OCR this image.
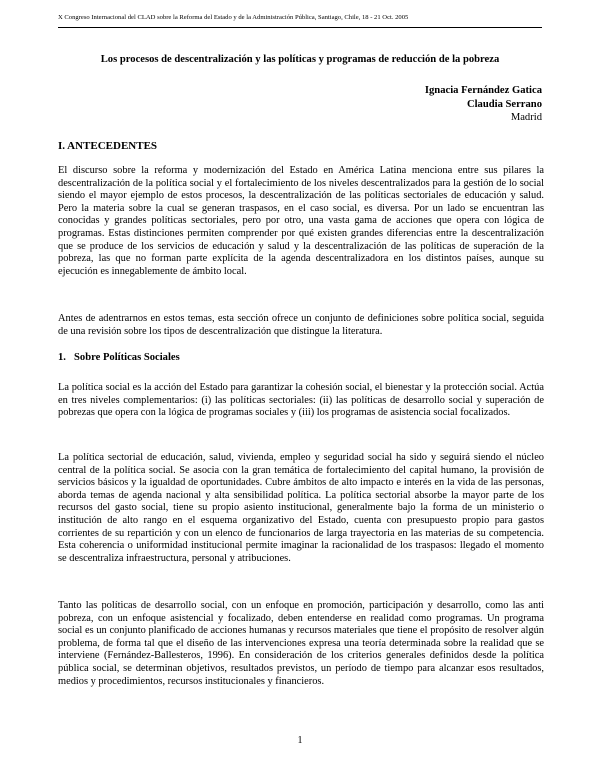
X Congreso Internacional del CLAD sobre la Reforma del Estado y de la Administración Pública, Santiago, Chile, 18 - 21 Oct. 2005
Los procesos de descentralización y las políticas y programas de reducción de la pobreza
Ignacia Fernández Gatica
Claudia Serrano
Madrid
I. ANTECEDENTES

El discurso sobre la reforma y modernización del Estado en América Latina menciona entre sus pilares la descentralización de la política social y el fortalecimiento de los niveles descentralizados para la gestión de lo social siendo el mayor ejemplo de estos procesos, la descentralización de las políticas sectoriales de educación y salud. Pero la materia sobre la cual se generan traspasos, en el caso social, es diversa. Por un lado se encuentran las conocidas y grandes políticas sectoriales, pero por otro, una vasta gama de acciones que opera con lógica de programas. Estas distinciones permiten comprender por qué existen grandes diferencias entre la descentralización que se produce de los servicios de educación y salud y la descentralización de las políticas de superación de la pobreza, las que no forman parte explícita de la agenda descentralizadora en los distintos países, aunque su ejecución es innegablemente de ámbito local.

Antes de adentrarnos en estos temas, esta sección ofrece un conjunto de definiciones sobre política social, seguida de una revisión sobre los tipos de descentralización que distingue la literatura.

1. Sobre Políticas Sociales

La política social es la acción del Estado para garantizar la cohesión social, el bienestar y la protección social. Actúa en tres niveles complementarios: (i) las políticas sectoriales: (ii) las políticas de desarrollo social y superación de pobrezas que opera con la lógica de programas sociales y (iii) los programas de asistencia social focalizados.

La política sectorial de educación, salud, vivienda, empleo y seguridad social ha sido y seguirá siendo el núcleo central de la política social. Se asocia con la gran temática de fortalecimiento del capital humano, la provisión de servicios básicos y la igualdad de oportunidades. Cubre ámbitos de alto impacto e interés en la vida de las personas, aborda temas de agenda nacional y alta sensibilidad política. La política sectorial absorbe la mayor parte de los recursos del gasto social, tiene su propio asiento institucional, generalmente bajo la forma de un ministerio o institución de alto rango en el esquema organizativo del Estado, cuenta con presupuesto propio para gastos corrientes de su repartición y con un elenco de funcionarios de larga trayectoria en las materias de su competencia. Esta coherencia o uniformidad institucional permite imaginar la racionalidad de los traspasos: llegado el momento se descentraliza infraestructura, personal y atribuciones.

Tanto las políticas de desarrollo social, con un enfoque en promoción, participación y desarrollo, como las anti pobreza, con un enfoque asistencial y focalizado, deben entenderse en realidad como programas. Un programa social es un conjunto planificado de acciones humanas y recursos materiales que tiene el propósito de resolver algún problema, de forma tal que el diseño de las intervenciones expresa una teoría determinada sobre la realidad que se interviene (Fernández-Ballesteros, 1996). En consideración de los criterios generales definidos desde la política pública social, se determinan objetivos, resultados previstos, un período de tiempo para alcanzar esos resultados, medios y procedimientos, recursos institucionales y financieros.

1
